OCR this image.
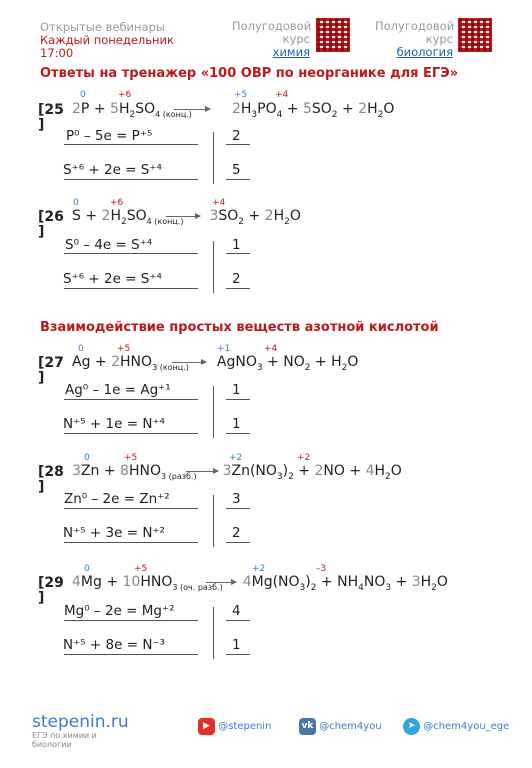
Открытые вебинары
Каждый понедельник
17:00
Полугодовой
курс
химия
Полугодовой
курс
биология
Ответы на тренажер «100 ОВР по неорганике для ЕГЭ»
[25
]
0	+6	+5	+4
$2P + 5H_2SO_{4 (конц.)}$	$2H_3PO_4 + 5SO_2 + 2H_2O$
P⁰ – 5e = P⁺⁵	2
S⁺⁶ + 2e = S⁺⁴	5
[26
]
0	+6	+4
$S + 2H_2SO_{4 (конц.)}$ $3SO_2 + 2H_2O$
S⁰ – 4e = S⁺⁴	1
S⁺⁶ + 2e = S⁺⁴	2
Взаимодействие простых веществ азотной кислотой
[27
]
0	+5	+1	+4
$Ag + 2HNO_{3 (конц.)}$ AgNO$_3$ + $NO_2 + H_2O$
Ag⁰ – 1e = Ag⁺¹	1
N⁺⁵ + 1e = N⁺⁴	1
[28
]
0	+5	+2	+2
$3Zn + 8HNO_{3 (разб.)}$ $3Zn(NO_3)_2 + 2NO + 4H_2O$
Zn⁰ – 2e = Zn⁺²	3
N⁺⁵ + 3e = N⁺²	2
[29
]
0	+5	+2	–3
$4Mg + 10HNO_{3 (оч. разб.)}$ $4Mg(NO_3)_2 + NH_4NO_3 + 3H_2O$
Mg⁰ – 2e = Mg⁺²	4
N⁺⁵ + 8e = N⁻³	1
stepenin.ru
ЕГЭ по химии и биологии
▶ @stepenin	vk @chem4you	➤ @chem4you_ege
